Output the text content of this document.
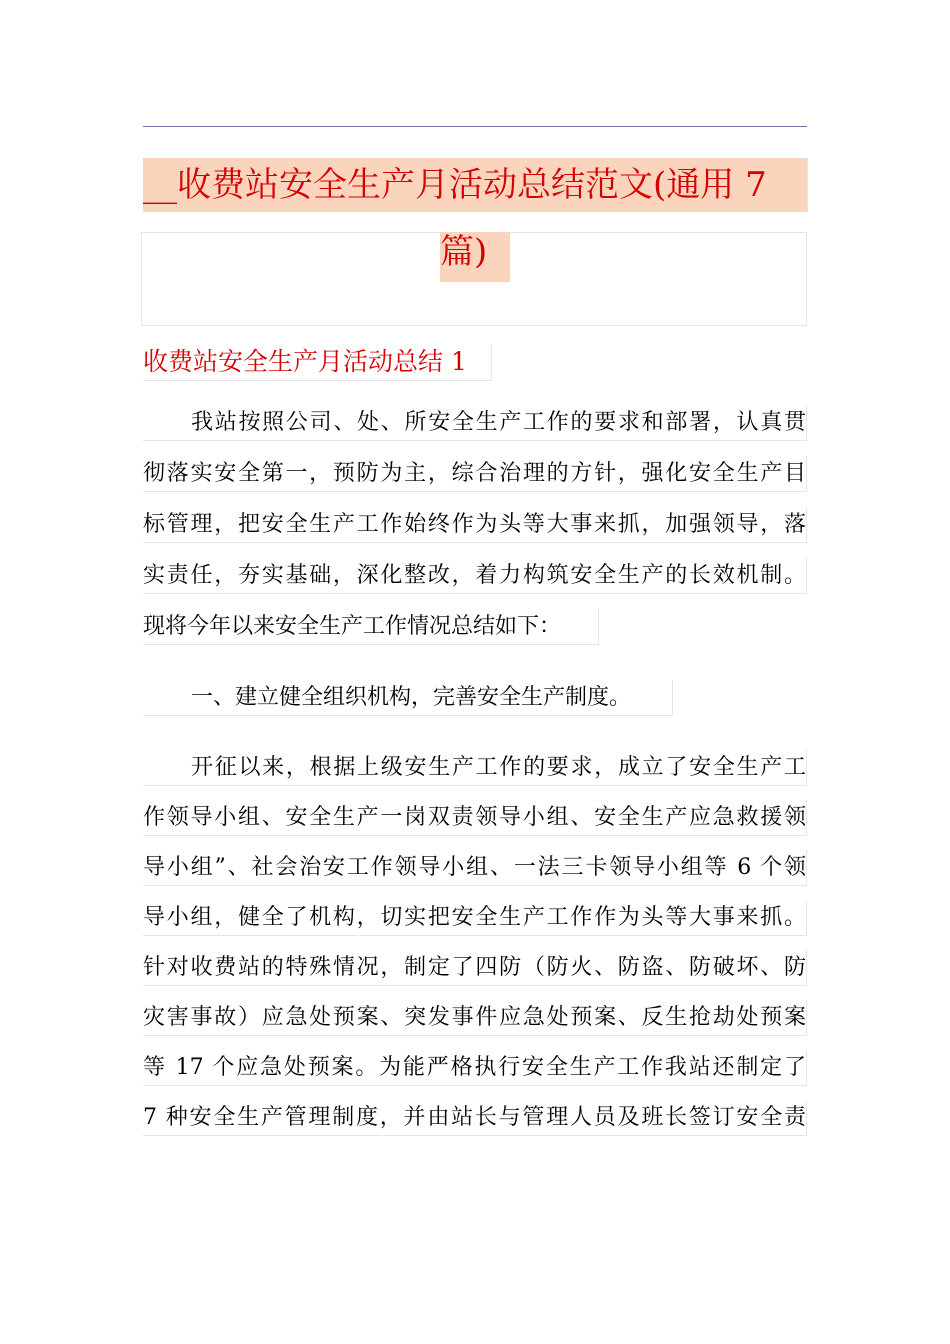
__收费站安全生产月活动总结范文(通用 7
篇)
收费站安全生产月活动总结 1
我站按照公司、处、所安全生产工作的要求和部署，认真贯
彻落实安全第一，预防为主，综合治理的方针，强化安全生产目
标管理，把安全生产工作始终作为头等大事来抓，加强领导，落
实责任，夯实基础，深化整改，着力构筑安全生产的长效机制。
现将今年以来安全生产工作情况总结如下：
一、建立健全组织机构，完善安全生产制度。
开征以来，根据上级安生产工作的要求，成立了安全生产工
作领导小组、安全生产一岗双责领导小组、安全生产应急救援领
导小组”、社会治安工作领导小组、一法三卡领导小组等 6 个领
导小组，健全了机构，切实把安全生产工作作为头等大事来抓。
针对收费站的特殊情况，制定了四防（防火、防盗、防破坏、防
灾害事故）应急处预案、突发事件应急处预案、反生抢劫处预案
等 17 个应急处预案。为能严格执行安全生产工作我站还制定了
7 种安全生产管理制度，并由站长与管理人员及班长签订安全责
